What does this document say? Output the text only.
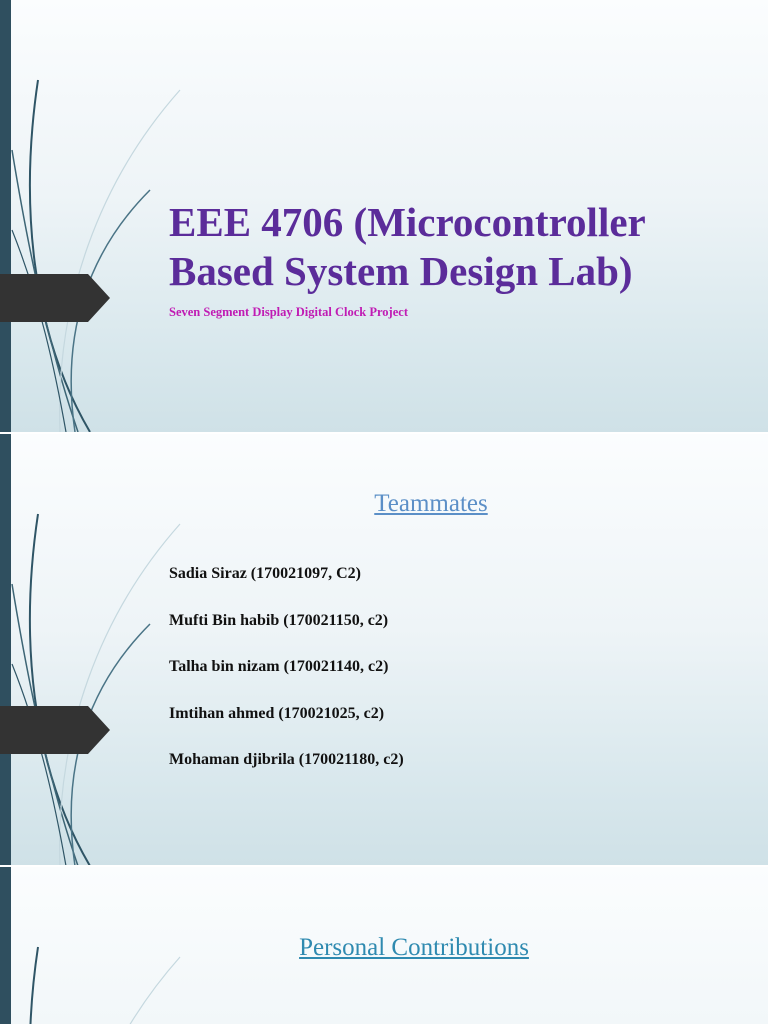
EEE 4706 (Microcontroller Based System Design Lab)

Seven Segment Display Digital Clock Project

Teammates
Sadia Siraz (170021097, C2)
Mufti Bin habib (170021150, c2)
Talha bin nizam (170021140, c2)
Imtihan ahmed (170021025, c2)
Mohaman djibrila (170021180, c2)
Personal Contributions
